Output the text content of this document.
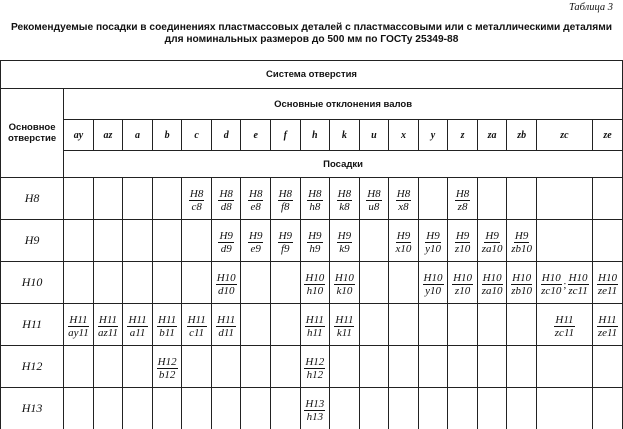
Таблица 3
Рекомендуемые посадки в соединениях пластмассовых деталей с пластмассовыми или с металлическими деталями
для номинальных размеров до 500 мм по ГОСТу 25349-88
Система отверстия																		
Основное отверстие	Основные отклонения валов																	
	ay	az	a	b	c	d	e	f	h	k	u	x	y	z	za	zb	zc	ze
	Посадки																	
H8					$\frac{H8}{c8}$	$\frac{H8}{d8}$	$\frac{H8}{e8}$	$\frac{H8}{f8}$	$\frac{H8}{h8}$	$\frac{H8}{k8}$	$\frac{H8}{u8}$	$\frac{H8}{x8}$		$\frac{H8}{z8}$

H9						$\frac{H9}{d9}$	$\frac{H9}{e9}$	$\frac{H9}{f9}$	$\frac{H9}{h9}$	$\frac{H9}{k9}$		$\frac{H9}{x10}$	$\frac{H9}{y10}$	$\frac{H9}{z10}$	$\frac{H9}{za10}$	$\frac{H9}{zb10}$

H10						$\frac{H10}{d10}$			$\frac{H10}{h10}$	$\frac{H10}{k10}$			$\frac{H10}{y10}$	$\frac{H10}{z10}$	$\frac{H10}{za10}$	$\frac{H10}{zb10}$	$\frac{H10}{zc10}$ ; $\frac{H10}{zc11}$	$\frac{H10}{ze11}$

H11	$\frac{H11}{ay11}$	$\frac{H11}{az11}$	$\frac{H11}{a11}$	$\frac{H11}{b11}$	$\frac{H11}{c11}$	$\frac{H11}{d11}$			$\frac{H11}{h11}$	$\frac{H11}{k11}$							$\frac{H11}{zc11}$	$\frac{H11}{ze11}$

H12				$\frac{H12}{b12}$					$\frac{H12}{h12}$

H13									$\frac{H13}{h13}$
